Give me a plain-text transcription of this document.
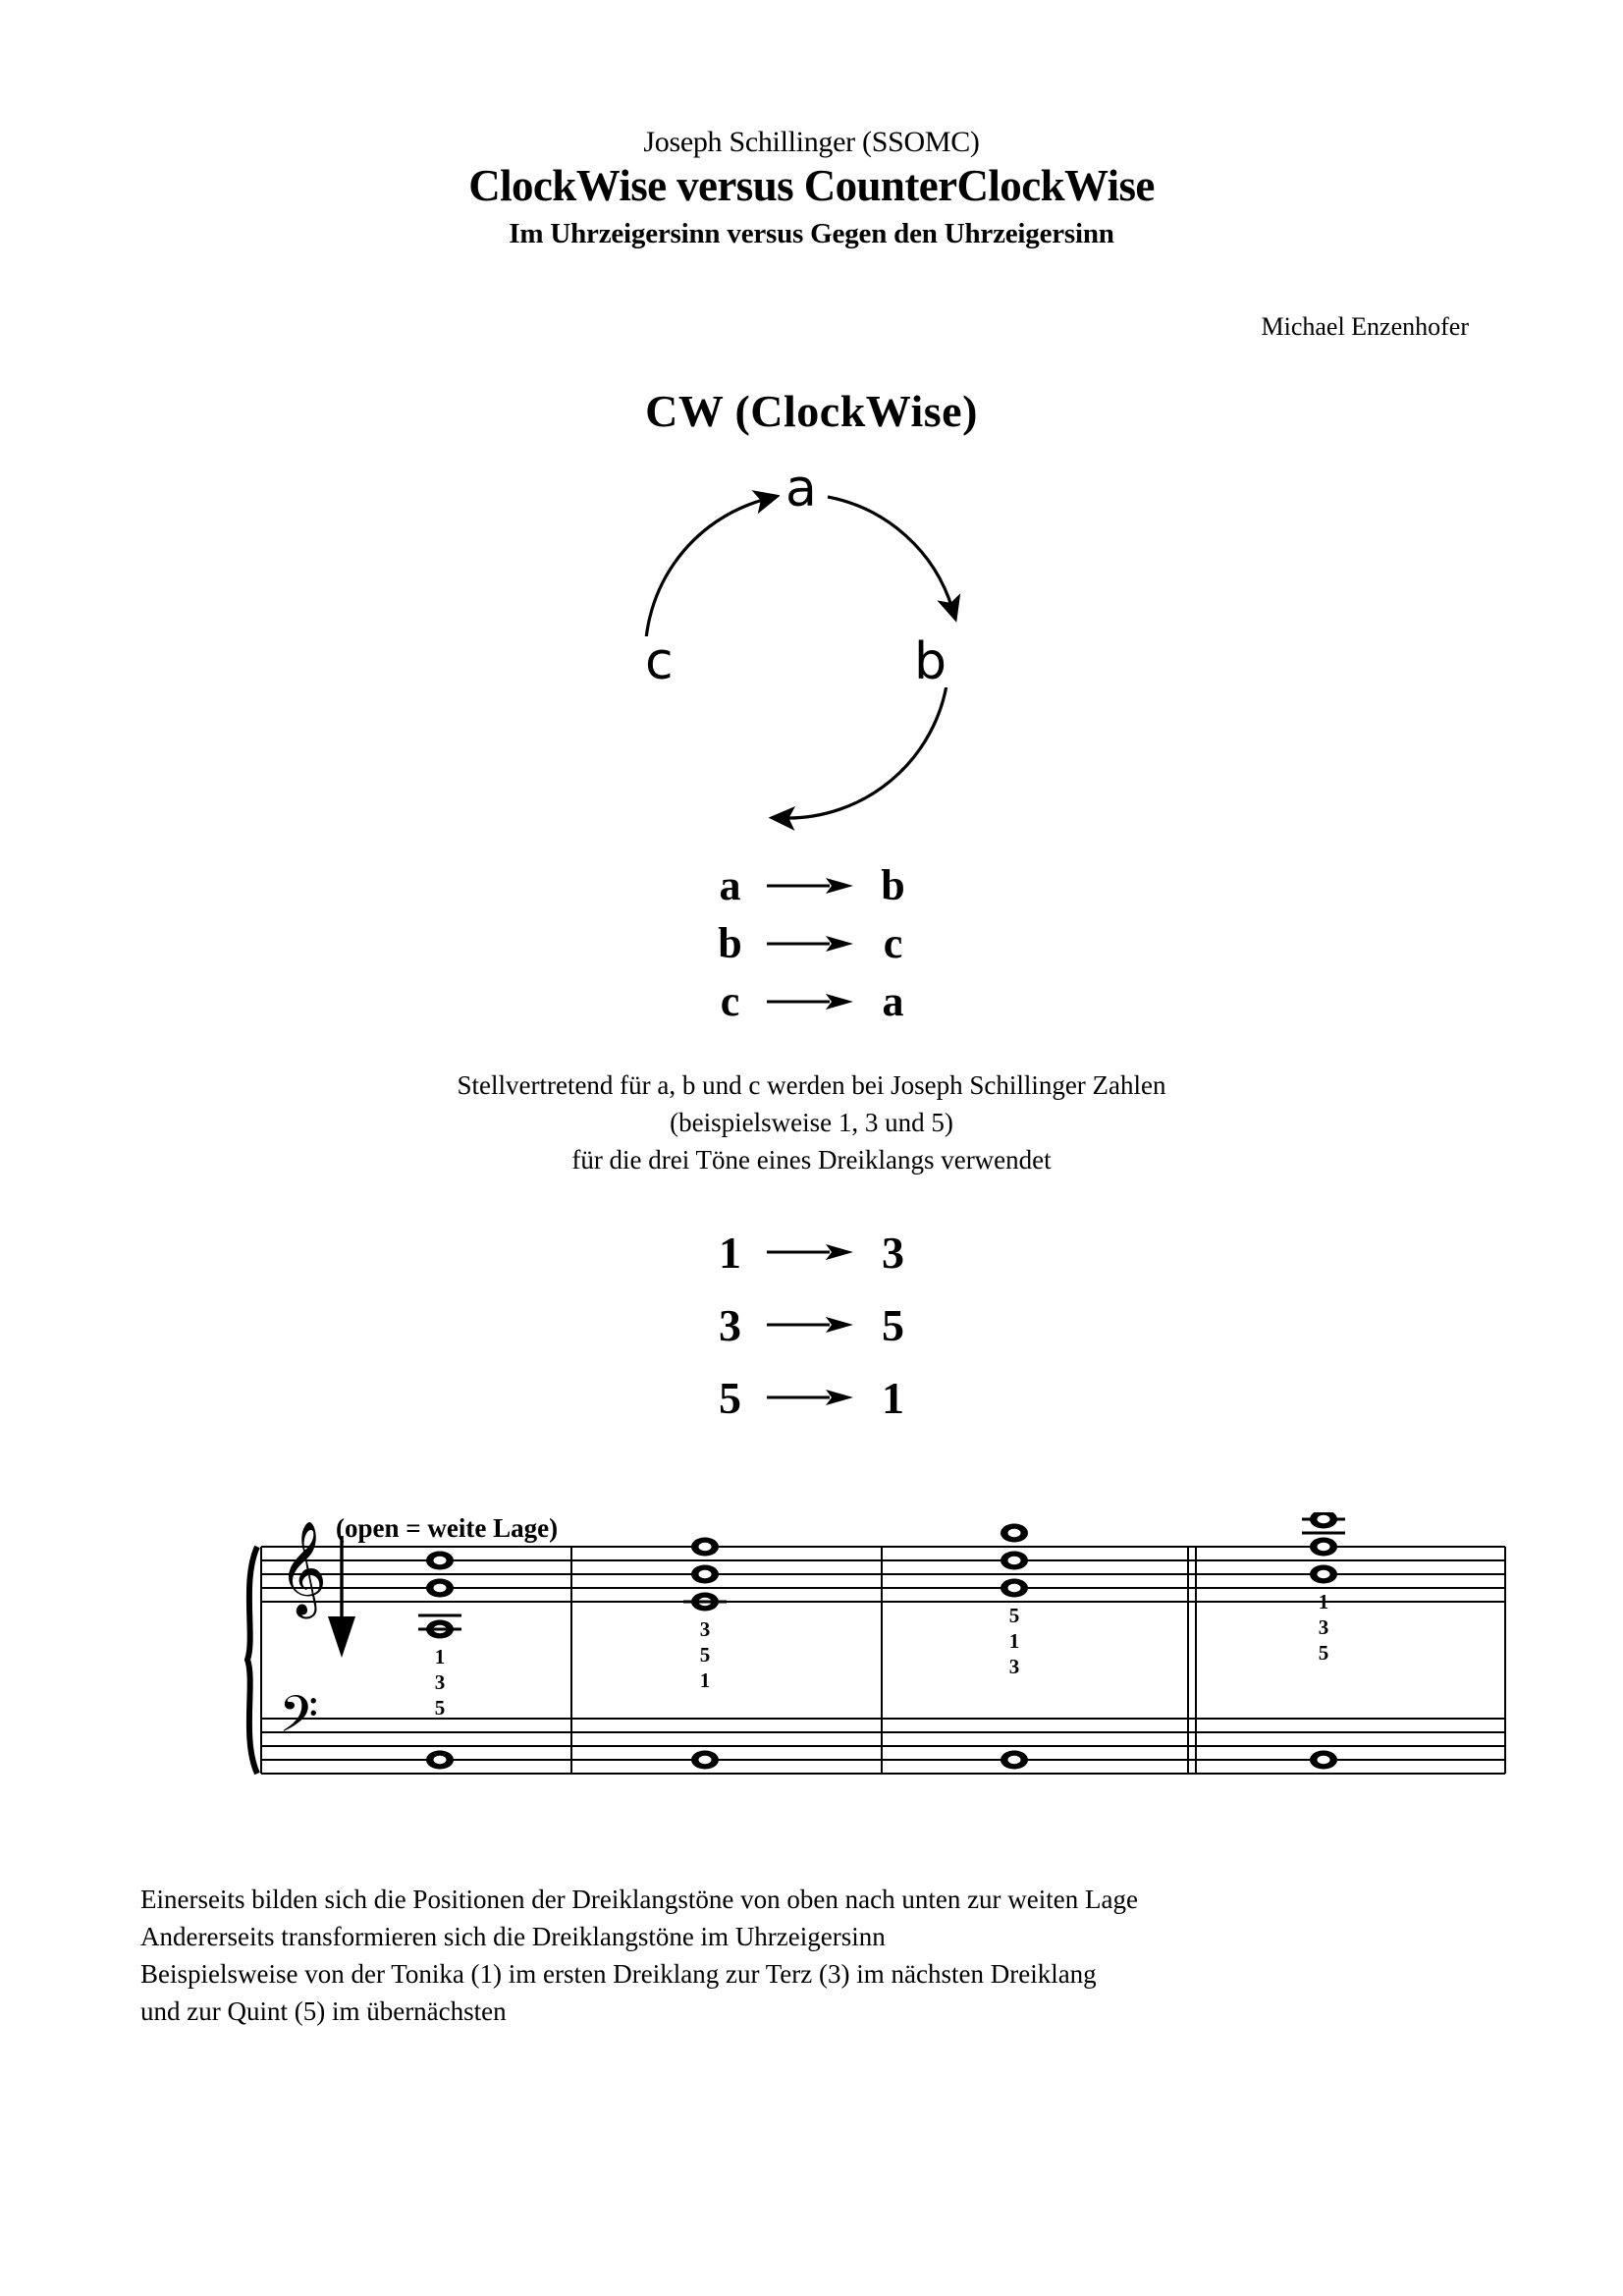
Joseph Schillinger (SSOMC)
ClockWise versus CounterClockWise
Im Uhrzeigersinn versus Gegen den Uhrzeigersinn
Michael Enzenhofer
CW (ClockWise)
a
b
c
a	b
b	c
c	a
Stellvertretend für a, b und c werden bei Joseph Schillinger Zahlen
(beispielsweise 1, 3 und 5)
für die drei Töne eines Dreiklangs verwendet
1	3
3	5
5	1
𝄞
𝄢
(open = weite Lage)
1
3
5
3
5
1
5
1
3
1
3
5
Einerseits bilden sich die Positionen der Dreiklangstöne von oben nach unten zur weiten Lage
Andererseits transformieren sich die Dreiklangstöne im Uhrzeigersinn
Beispielsweise von der Tonika (1) im ersten Dreiklang zur Terz (3) im nächsten Dreiklang
und zur Quint (5) im übernächsten
